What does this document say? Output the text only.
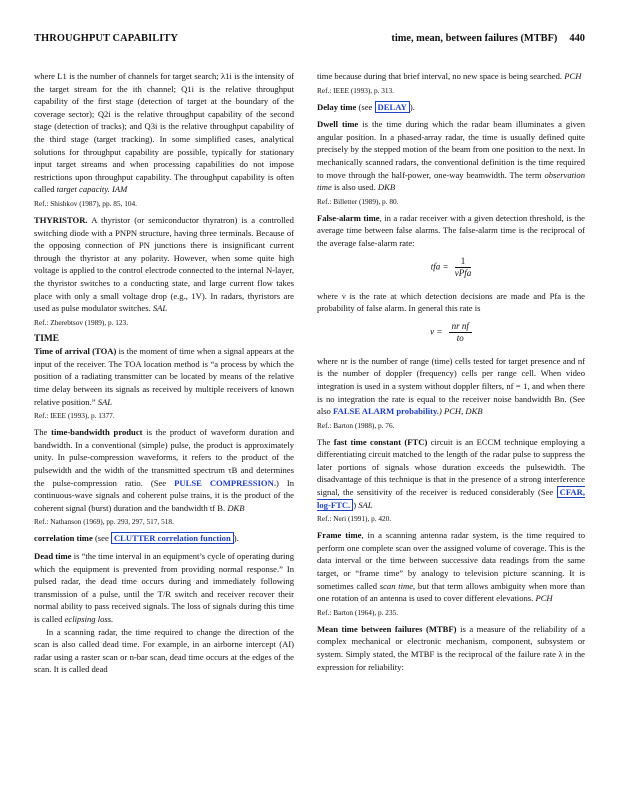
THROUGHPUT CAPABILITY	time, mean, between failures (MTBF) 440

where L1 is the number of channels for target search; λ1i is the intensity of the target stream for the ith channel; Q1i is the relative throughput capability of the first stage (detection of target at the boundary of the coverage sector); Q2i is the relative throughput capability of the second stage (detection of tracks); and Q3i is the relative throughput capability of the third stage (target tracking). In some simplified cases, analytical solutions for throughput capability are possible, typically for stationary input target streams and when processing capabilities do not impose restrictions upon throughput capability. The throughput capability is often called target capacity. IAM

Ref.: Shishkov (1987), pp. 85, 104.

THYRISTOR. A thyristor (or semiconductor thyratron) is a controlled switching diode with a PNPN structure, having three terminals. Because of the opposing connection of PN junctions there is insignificant current through the thyristor at any polarity. However, when some quite high voltage is applied to the control electrode connected to the internal N-layer, the thyristor switches to a conducting state, and large current flow takes place with only a small voltage drop (e.g., 1V). In radars, thyristors are used as pulse modulator switches. SAL

Ref.: Zherebtsov (1989), p. 123.

TIME

Time of arrival (TOA) is the moment of time when a signal appears at the input of the receiver. The TOA location method is “a process by which the position of a radiating transmitter can be located by means of the relative time delay between its signals as received by multiple receivers of known relative position.” SAL

Ref.: IEEE (1993), p. 1377.

The time-bandwidth product is the product of waveform duration and bandwidth. In a conventional (simple) pulse, the product is approximately unity. In pulse-compression waveforms, it refers to the product of the pulsewidth and the width of the transmitted spectrum τB and determines the pulse-compression ratio. (See PULSE COMPRESSION.) In continuous-wave signals and coherent pulse trains, it is the product of the coherent signal (burst) duration and the bandwidth tf B. DKB

Ref.: Nathanson (1969), pp. 293, 297, 517, 518.

correlation time (see CLUTTER correlation function ).

Dead time is “the time interval in an equipment’s cycle of operating during which the equipment is prevented from providing normal response.” In pulsed radar, the dead time occurs during and immediately following transmission of a pulse, until the T/R switch and receiver recover their normal ability to pass received signals. The loss of signals during this time is called eclipsing loss.

In a scanning radar, the time required to change the direction of the scan is also called dead time. For example, in an airborne intercept (AI) radar using a raster scan or n-bar scan, dead time occurs at the edges of the scan. It is called dead

time because during that brief interval, no new space is being searched. PCH

Ref.: IEEE (1993), p. 313.

Delay time (see DELAY ).

Dwell time is the time during which the radar beam illuminates a given angular position. In a phased-array radar, the time is usually defined quite precisely by the stepped motion of the beam from one position to the next. In mechanically scanned radars, the conventional definition is the time required to move through the half-power, one-way beamwidth. The term observation time is also used. DKB

Ref.: Billetter (1989), p. 80.

False-alarm time, in a radar receiver with a given detection threshold, is the average time between false alarms. The false-alarm time is the reciprocal of the average false-alarm rate:

tfa = $\frac{1}{\text{νPfa}}$

where ν is the rate at which detection decisions are made and Pfa is the probability of false alarm. In general this rate is

$\nu = \frac{\text{nr nf}}{to}$

where nr is the number of range (time) cells tested for target presence and nf is the number of doppler (frequency) cells per range cell. When video integration is used in a system without doppler filters, nf = 1, and when there is no integration the rate is equal to the receiver noise bandwidth Bn. (See also FALSE ALARM probability.) PCH, DKB

Ref.: Barton (1988), p. 76.

The fast time constant (FTC) circuit is an ECCM technique employing a differentiating circuit matched to the length of the radar pulse to suppress the later portions of signals whose duration exceeds the pulsewidth. The disadvantage of this technique is that in the presence of a strong interference signal, the sensitivity of the receiver is reduced considerably (See CFAR, log-FTC. ) SAL

Ref.: Neri (1991), p. 420.

Frame time, in a scanning antenna radar system, is the time required to perform one complete scan over the assigned volume of coverage. This is the data interval or the time between successive data readings from the same target, or “frame time” by analogy to television picture scanning. It is sometimes called scan time, but that term allows ambiguity when more than one rotation of an antenna is used to cover different elevations. PCH

Ref.: Barton (1964), p. 235.

Mean time between failures (MTBF) is a measure of the reliability of a complex mechanical or electronic mechanism, component, subsystem or system. Simply stated, the MTBF is the reciprocal of the failure rate λ in the expression for reliability:
